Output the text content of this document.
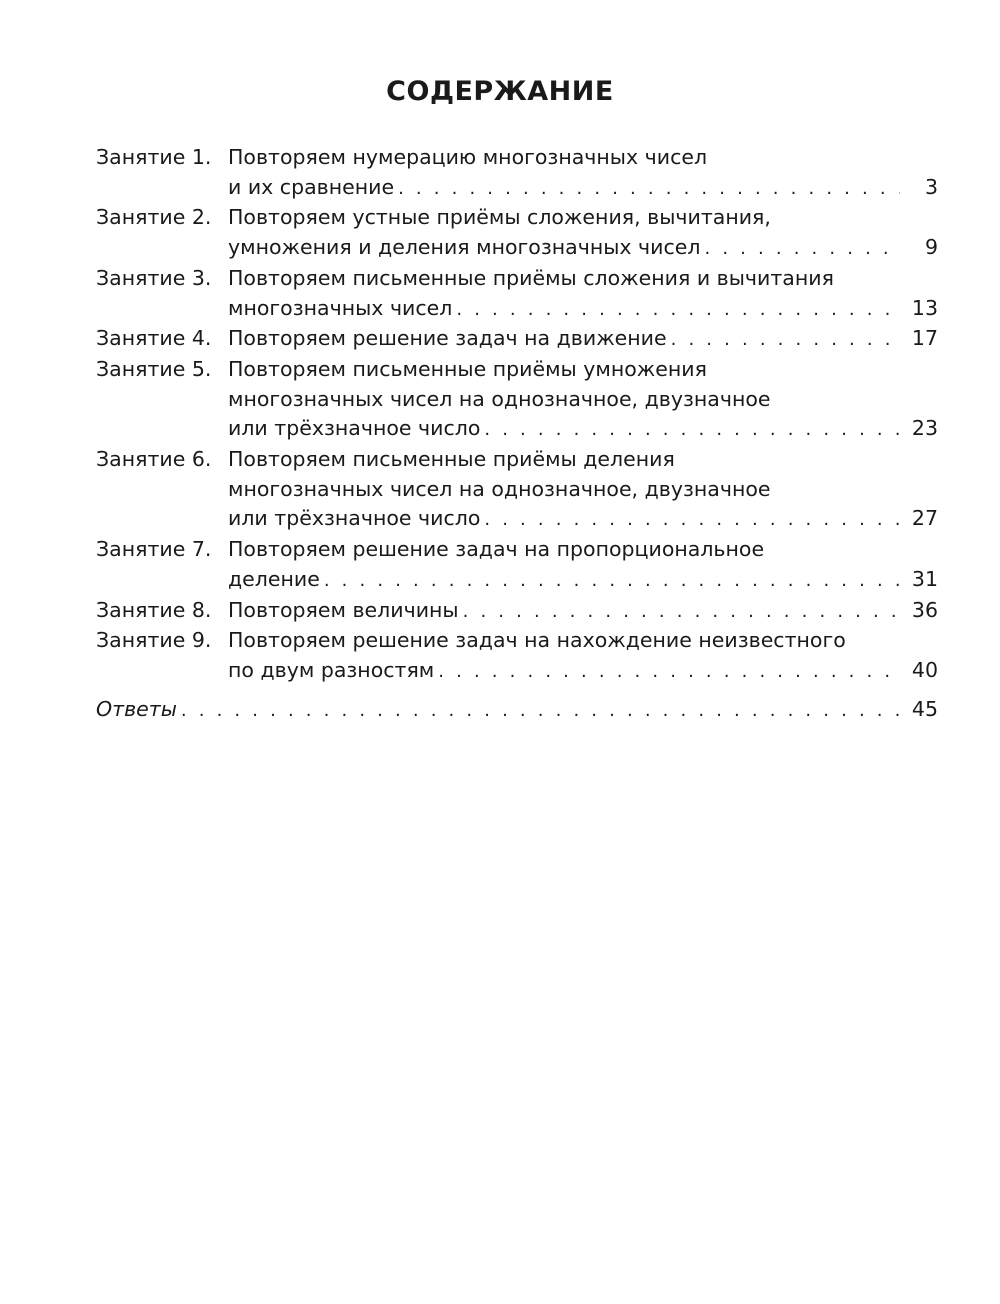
СОДЕРЖАНИЕ
Занятие 1. Повторяем нумерацию многозначных чисел
и их сравнение . . .	3
Занятие 2. Повторяем устные приёмы сложения, вычитания,
умножения и деления многозначных чисел . . .	9
Занятие 3. Повторяем письменные приёмы сложения и вычитания
многозначных чисел . . .	13
Занятие 4. Повторяем решение задач на движение . . .	17
Занятие 5. Повторяем письменные приёмы умножения
многозначных чисел на однозначное, двузначное
или трёхзначное число . . .	23
Занятие 6. Повторяем письменные приёмы деления
многозначных чисел на однозначное, двузначное
или трёхзначное число . . .	27
Занятие 7. Повторяем решение задач на пропорциональное
деление . . .	31
Занятие 8. Повторяем величины . . .	36
Занятие 9. Повторяем решение задач на нахождение неизвестного
по двум разностям . . .	40
Ответы . . .	45
